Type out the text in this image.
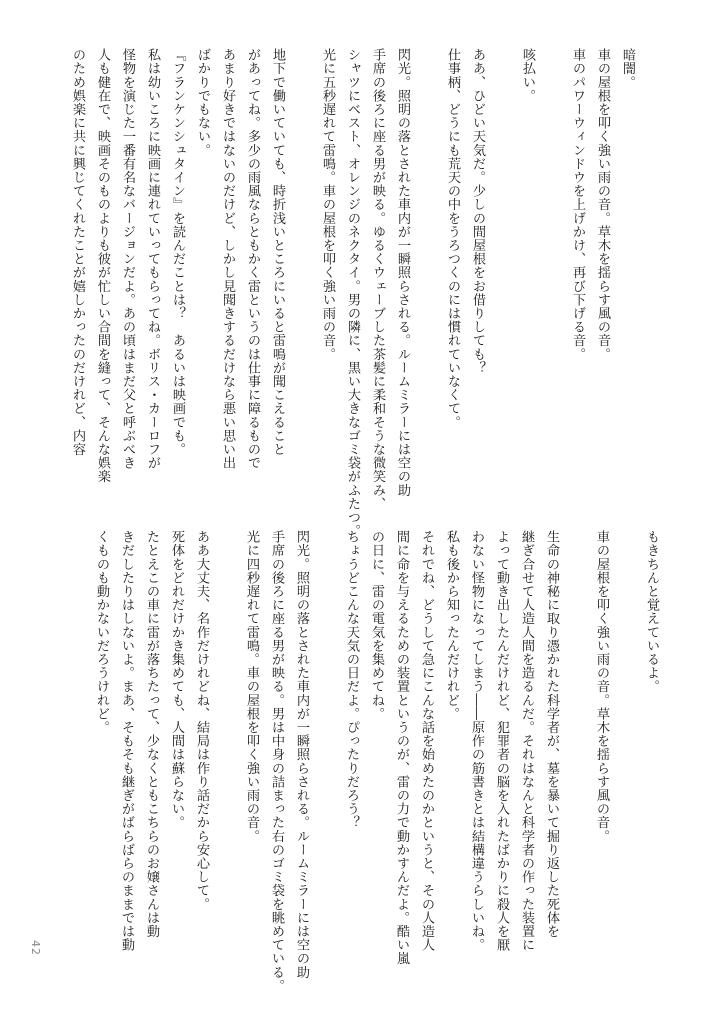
暗闇。
車の屋根を叩く強い雨の音。草木を揺らす風の音。
車のパワーウィンドウを上げかけ、再び下げる音。

咳払い。

ああ、ひどい天気だ。少しの間屋根をお借りしても？
仕事柄、どうにも荒天の中をうろつくのには慣れていなくて。

閃光。照明の落とされた車内が一瞬照らされる。ルームミラーには空の助
手席の後ろに座る男が映る。ゆるくウェーブした茶髪に柔和そうな微笑み、
シャツにベスト、オレンジのネクタイ。男の隣に、黒い大きなゴミ袋がふたつ。
光に五秒遅れて雷鳴。車の屋根を叩く強い雨の音。

地下で働いていても、時折浅いところにいると雷鳴が聞こえること
があってね。多少の雨風ならともかく雷というのは仕事に障るもので
あまり好きではないのだけど、しかし見聞きするだけなら悪い思い出
ばかりでもない。
『フランケンシュタイン』を読んだことは？　あるいは映画でも。
私は幼いころに映画に連れていってもらってね。ボリス・カーロフが
怪物を演じた一番有名なバージョンだよ。あの頃はまだ父と呼ぶべき
人も健在で、映画そのものよりも彼が忙しい合間を縫って、そんな娯楽
のため娯楽に共に興じてくれたことが嬉しかったのだけれど、内容
もきちんと覚えているよ。

車の屋根を叩く強い雨の音。草木を揺らす風の音。

生命の神秘に取り憑かれた科学者が、墓を暴いて掘り返した死体を
継ぎ合せて人造人間を造るんだ。それはなんと科学者の作った装置に
よって動き出したんだけれど、犯罪者の脳を入れたばかりに殺人を厭
わない怪物になってしまう――原作の筋書きとは結構違うらしいね。
私も後から知ったんだけれど。
それでね、どうして急にこんな話を始めたのかというと、その人造人
間に命を与えるための装置というのが、雷の力で動かすんだよ。酷い嵐
の日に、雷の電気を集めてね。
ちょうどこんな天気の日だよ。ぴったりだろう？

閃光。照明の落とされた車内が一瞬照らされる。ルームミラーには空の助
手席の後ろに座る男が映る。男は中身の詰まった右のゴミ袋を眺めている。
光に四秒遅れて雷鳴。車の屋根を叩く強い雨の音。

ああ大丈夫、名作だけれどね、結局は作り話だから安心して。
死体をどれだけかき集めても、人間は蘇らない。
たとえこの車に雷が落ちたって、少なくともこちらのお嬢さんは動
きだしたりはしないよ。まあ、そもそも継ぎがばらばらのままでは動
くものも動かないだろうけれど。
42
